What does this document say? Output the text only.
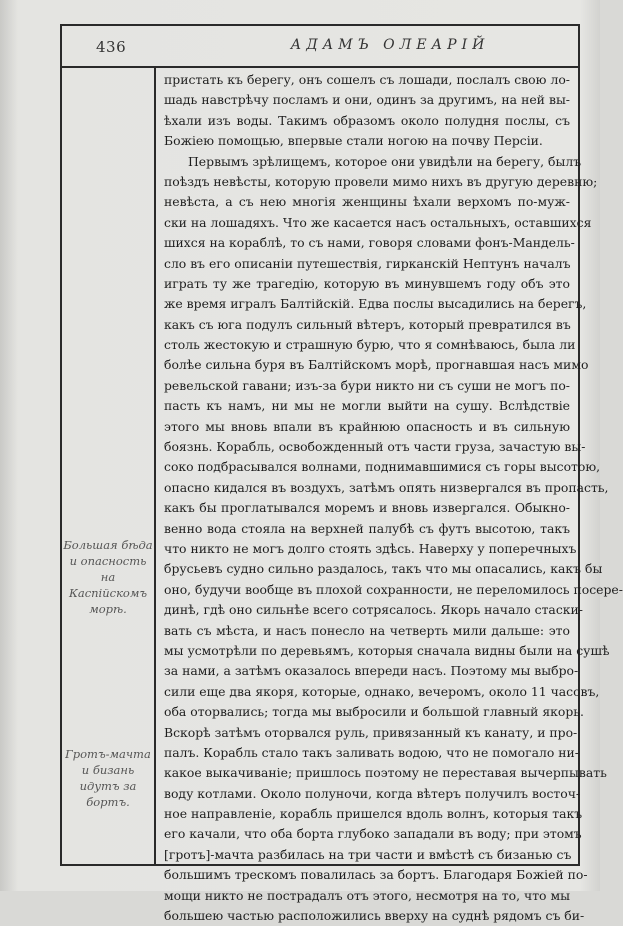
436	АДАМЪ ОЛЕАРІЙ
Большая бѣда и опасность на Каспійскомъ морѣ.
Гротъ-мачта и бизань идутъ за бортъ.
пристать къ берегу, онъ сошелъ съ лошади, послалъ свою ло-
шадь навстрѣчу посламъ и они, одинъ за другимъ, на ней вы-
ѣхали изъ воды. Такимъ образомъ около полудня послы, съ
Божіею помощью, впервые стали ногою на почву Персіи.
Первымъ зрѣлищемъ, которое они увидѣли на берегу, былъ
поѣздъ невѣсты, которую провели мимо нихъ въ другую деревню;
невѣста, а съ нею многія женщины ѣхали верхомъ по-муж-
ски на лошадяхъ. Что же касается насъ остальныхъ, оставшихся
шихся на кораблѣ, то съ нами, говоря словами фонъ-Мандель-
сло въ его описаніи путешествія, гирканскій Нептунъ началъ
играть ту же трагедію, которую въ минувшемъ году объ это
же время игралъ Балтійскій. Едва послы высадились на берегъ,
какъ съ юга подулъ сильный вѣтеръ, который превратился въ
столь жестокую и страшную бурю, что я сомнѣваюсь, была ли
болѣе сильна буря въ Балтійскомъ морѣ, прогнавшая насъ мимо
ревельской гавани; изъ-за бури никто ни съ суши не могъ по-
пасть къ намъ, ни мы не могли выйти на сушу. Вслѣдствіе
этого мы вновь впали въ крайнюю опасность и въ сильную
боязнь. Корабль, освобожденный отъ части груза, зачастую вы-
соко подбрасывался волнами, поднимавшимися съ горы высотою,
опасно кидался въ воздухъ, затѣмъ опять низвергался въ пропасть,
какъ бы проглатывался моремъ и вновь извергался. Обыкно-
венно вода стояла на верхней палубѣ съ футъ высотою, такъ
что никто не могъ долго стоять здѣсь. Наверху у поперечныхъ
брусьевъ судно сильно раздалось, такъ что мы опасались, какъ бы
оно, будучи вообще въ плохой сохранности, не переломилось посере-
динѣ, гдѣ оно сильнѣе всего сотрясалось. Якорь начало стаски-
вать съ мѣста, и насъ понесло на четверть мили дальше: это
мы усмотрѣли по деревьямъ, которыя сначала видны были на сушѣ
за нами, а затѣмъ оказалось впереди насъ. Поэтому мы выбро-
сили еще два якоря, которые, однако, вечеромъ, около 11 часовъ,
оба оторвались; тогда мы выбросили и большой главный якорь.
Вскорѣ затѣмъ оторвался руль, привязанный къ канату, и про-
палъ. Корабль стало такъ заливать водою, что не помогало ни-
какое выкачиваніе; пришлось поэтому не переставая вычерпывать
воду котлами. Около полуночи, когда вѣтеръ получилъ восточ-
ное направленіе, корабль пришелся вдоль волнъ, которыя такъ
его качали, что оба борта глубоко западали въ воду; при этомъ
[гротъ]-мачта разбилась на три части и вмѣстѣ съ бизанью съ
большимъ трескомъ повалилась за бортъ. Благодаря Божіей по-
мощи никто не пострадалъ отъ этого, несмотря на то, что мы
большею частью расположились вверху на суднѣ рядомъ съ би-
